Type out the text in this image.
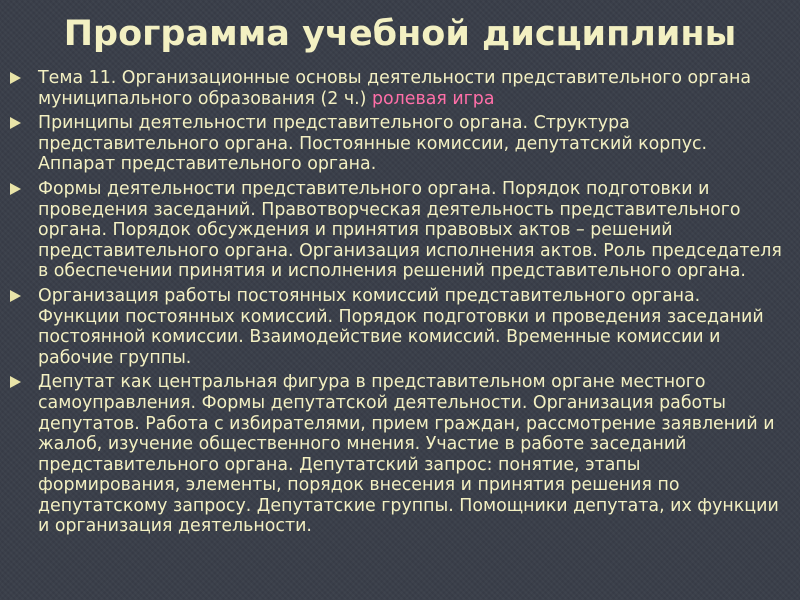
Программа учебной дисциплины
Тема 11. Организационные основы деятельности представительного органа муниципального образования (2 ч.) ролевая игра
Принципы деятельности представительного органа. Структура представительного органа. Постоянные комиссии, депутатский корпус. Аппарат представительного органа.
Формы деятельности представительного органа. Порядок подготовки и проведения заседаний. Правотворческая деятельность представительного органа. Порядок обсуждения и принятия правовых актов – решений представительного органа. Организация исполнения актов. Роль председателя в обеспечении принятия и исполнения решений представительного органа.
Организация работы постоянных комиссий представительного органа. Функции постоянных комиссий. Порядок подготовки и проведения заседаний постоянной комиссии. Взаимодействие комиссий. Временные комиссии и рабочие группы.
Депутат как центральная фигура в представительном органе местного самоуправления. Формы депутатской деятельности. Организация работы депутатов. Работа с избирателями, прием граждан, рассмотрение заявлений и жалоб, изучение общественного мнения. Участие в работе заседаний представительного органа. Депутатский запрос: понятие, этапы формирования, элементы, порядок внесения и принятия решения по депутатскому запросу. Депутатские группы. Помощники депутата, их функции и организация деятельности.
